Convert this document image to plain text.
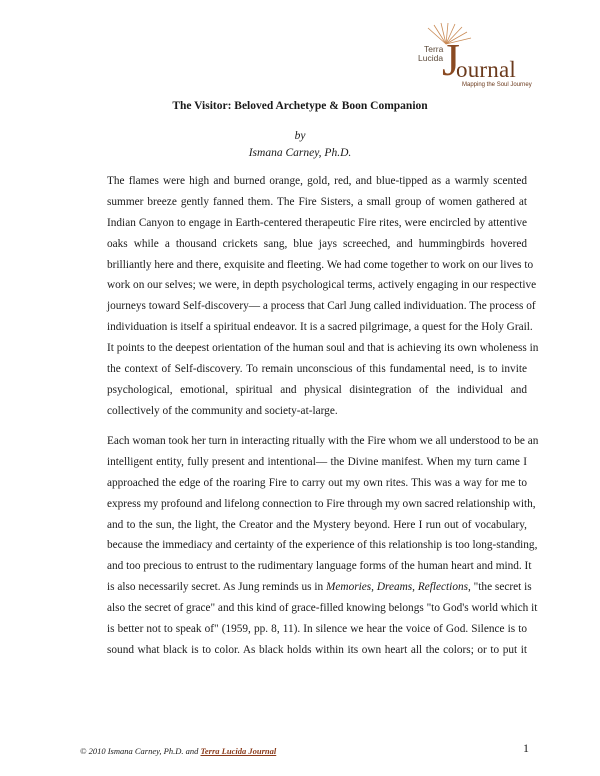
Terra
Lucida
J
ournal
Mapping the Soul Journey
The Visitor: Beloved Archetype & Boon Companion
by
Ismana Carney, Ph.D.
The flames were high and burned orange, gold, red, and blue-tipped as a warmly scented
summer breeze gently fanned them. The Fire Sisters, a small group of women gathered at
Indian Canyon to engage in Earth-centered therapeutic Fire rites, were encircled by attentive
oaks while a thousand crickets sang, blue jays screeched, and hummingbirds hovered
brilliantly here and there, exquisite and fleeting. We had come together to work on our lives to
work on our selves; we were, in depth psychological terms, actively engaging in our respective
journeys toward Self-discovery— a process that Carl Jung called individuation. The process of
individuation is itself a spiritual endeavor. It is a sacred pilgrimage, a quest for the Holy Grail.
It points to the deepest orientation of the human soul and that is achieving its own wholeness in
the context of Self-discovery. To remain unconscious of this fundamental need, is to invite
psychological, emotional, spiritual and physical disintegration of the individual and
collectively of the community and society-at-large.
Each woman took her turn in interacting ritually with the Fire whom we all understood to be an
intelligent entity, fully present and intentional— the Divine manifest. When my turn came I
approached the edge of the roaring Fire to carry out my own rites. This was a way for me to
express my profound and lifelong connection to Fire through my own sacred relationship with,
and to the sun, the light, the Creator and the Mystery beyond. Here I run out of vocabulary,
because the immediacy and certainty of the experience of this relationship is too long-standing,
and too precious to entrust to the rudimentary language forms of the human heart and mind. It
is also necessarily secret. As Jung reminds us in Memories, Dreams, Reflections, "the secret is
also the secret of grace" and this kind of grace-filled knowing belongs "to God's world which it
is better not to speak of" (1959, pp. 8, 11). In silence we hear the voice of God. Silence is to
sound what black is to color. As black holds within its own heart all the colors; or to put it
© 2010 Ismana Carney, Ph.D. and Terra Lucida Journal	1
